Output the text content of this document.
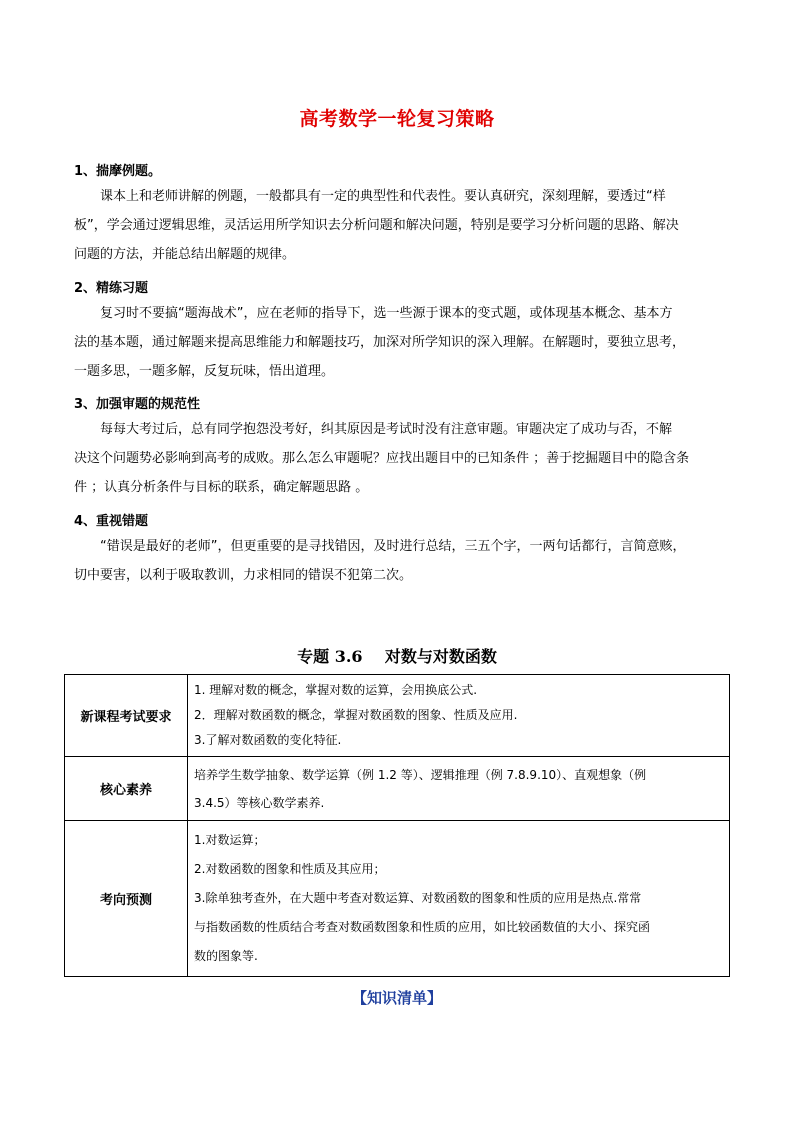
高考数学一轮复习策略
1、揣摩例题。
课本上和老师讲解的例题，一般都具有一定的典型性和代表性。要认真研究，深刻理解，要透过“样
板”，学会通过逻辑思维，灵活运用所学知识去分析问题和解决问题，特别是要学习分析问题的思路、解决
问题的方法，并能总结出解题的规律。
2、精练习题
复习时不要搞“题海战术”，应在老师的指导下，选一些源于课本的变式题，或体现基本概念、基本方
法的基本题，通过解题来提高思维能力和解题技巧，加深对所学知识的深入理解。在解题时，要独立思考，
一题多思，一题多解，反复玩味，悟出道理。
3、加强审题的规范性
每每大考过后，总有同学抱怨没考好，纠其原因是考试时没有注意审题。审题决定了成功与否，不解
决这个问题势必影响到高考的成败。那么怎么审题呢？应找出题目中的已知条件 ；善于挖掘题目中的隐含条
件 ；认真分析条件与目标的联系，确定解题思路 。
4、重视错题
“错误是最好的老师”，但更重要的是寻找错因，及时进行总结，三五个字，一两句话都行，言简意赅，
切中要害，以利于吸取教训，力求相同的错误不犯第二次。
专题 3.6    对数与对数函数
新课程考试要求	1. 理解对数的概念，掌握对数的运算，会用换底公式.
2．理解对数函数的概念，掌握对数函数的图象、性质及应用.
3.了解对数函数的变化特征.

核心素养	培养学生数学抽象、数学运算（例 1.2 等）、逻辑推理（例 7.8.9.10）、直观想象（例
3.4.5）等核心数学素养.

考向预测	1.对数运算；
2.对数函数的图象和性质及其应用；
3.除单独考查外，在大题中考查对数运算、对数函数的图象和性质的应用是热点.常常
与指数函数的性质结合考查对数函数图象和性质的应用，如比较函数值的大小、探究函
数的图象等.
【知识清单】
